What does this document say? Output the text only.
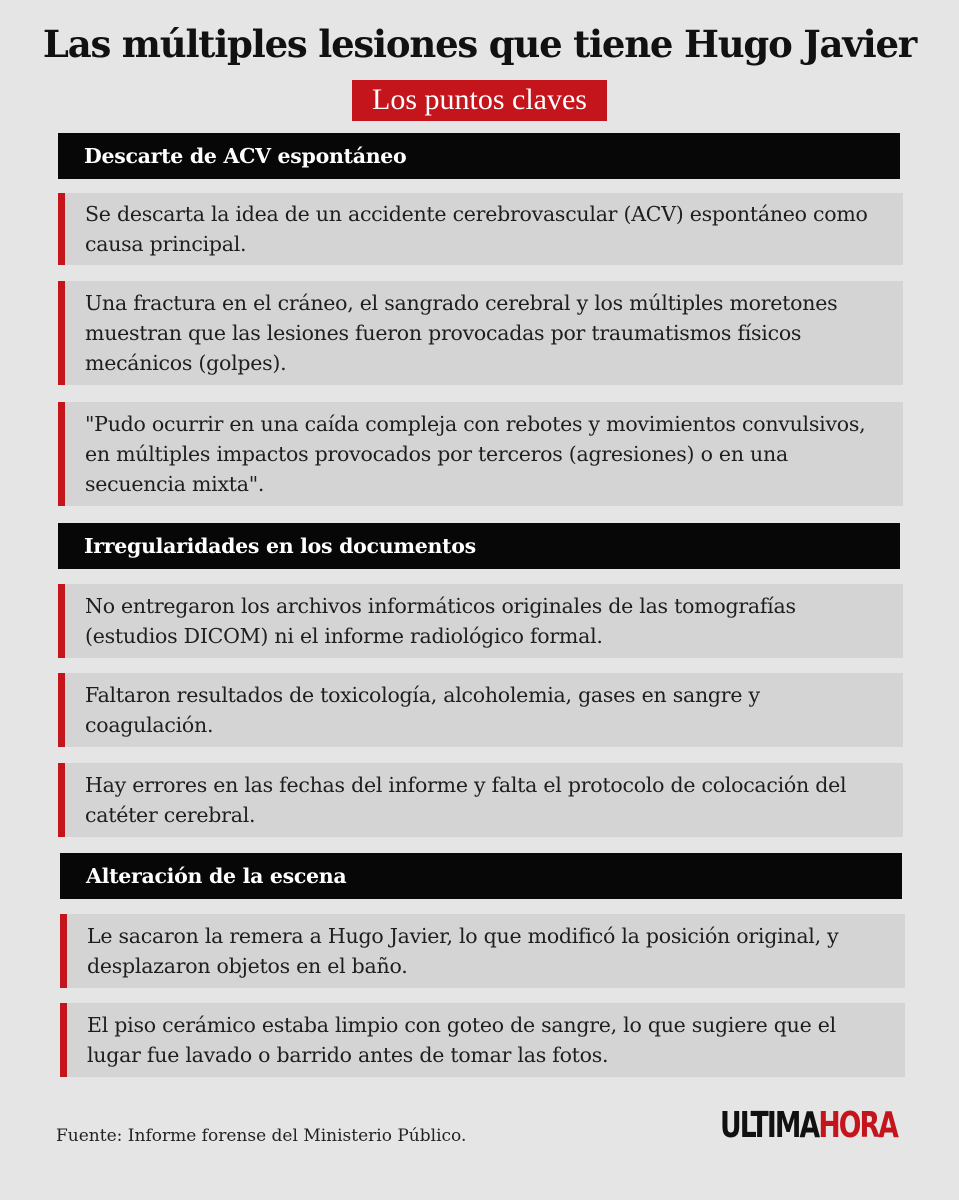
Las múltiples lesiones que tiene Hugo Javier
Los puntos claves
Descarte de ACV espontáneo
Se descarta la idea de un accidente cerebrovascular (ACV) espontáneo como causa principal.
Una fractura en el cráneo, el sangrado cerebral y los múltiples moretones muestran que las lesiones fueron provocadas por traumatismos físicos mecánicos (golpes).
"Pudo ocurrir en una caída compleja con rebotes y movimientos convulsivos, en múltiples impactos provocados por terceros (agresiones) o en una secuencia mixta".
Irregularidades en los documentos
No entregaron los archivos informáticos originales de las tomografías (estudios DICOM) ni el informe radiológico formal.
Faltaron resultados de toxicología, alcoholemia, gases en sangre y coagulación.
Hay errores en las fechas del informe y falta el protocolo de colocación del catéter cerebral.
Alteración de la escena
Le sacaron la remera a Hugo Javier, lo que modificó la posición original, y desplazaron objetos en el baño.
El piso cerámico estaba limpio con goteo de sangre, lo que sugiere que el lugar fue lavado o barrido antes de tomar las fotos.
Fuente: Informe forense del Ministerio Público.	ULTIMAHORA
